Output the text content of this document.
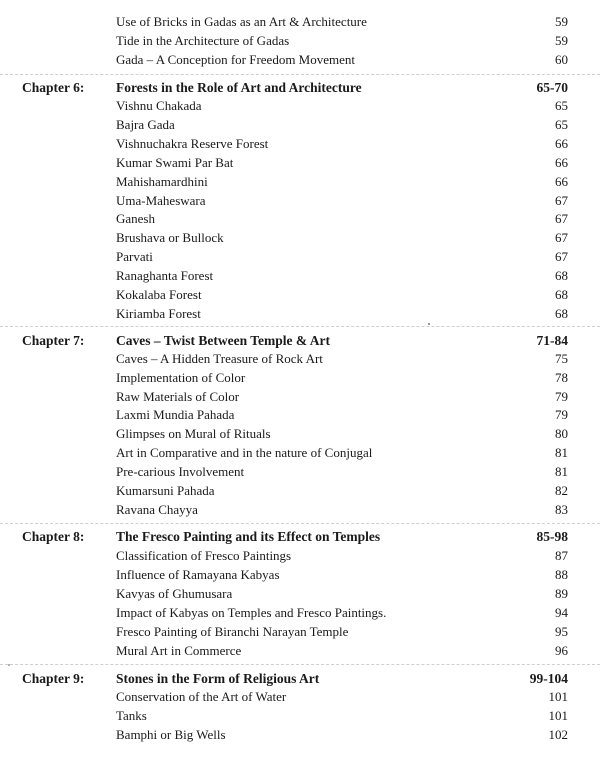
Use of Bricks in Gadas as an Art & Architecture	59
Tide in the Architecture of Gadas	59
Gada – A Conception for Freedom Movement	60
Chapter 6: Forests in the Role of Art and Architecture	65-70
Vishnu Chakada	65
Bajra Gada	65
Vishnuchakra Reserve Forest	66
Kumar Swami Par Bat	66
Mahishamardhini	66
Uma-Maheswara	67
Ganesh	67
Brushava or Bullock	67
Parvati	67
Ranaghanta Forest	68
Kokalaba Forest	68
Kiriamba Forest	68
Chapter 7: Caves – Twist Between Temple & Art	71-84
Caves – A Hidden Treasure of Rock Art	75
Implementation of Color	78
Raw Materials of Color	79
Laxmi Mundia Pahada	79
Glimpses on Mural of Rituals	80
Art in Comparative and in the nature of Conjugal	81
Pre-carious Involvement	81
Kumarsuni Pahada	82
Ravana Chayya	83
Chapter 8: The Fresco Painting and its Effect on Temples	85-98
Classification of Fresco Paintings	87
Influence of Ramayana Kabyas	88
Kavyas of Ghumusara	89
Impact of Kabyas on Temples and Fresco Paintings.	94
Fresco Painting of Biranchi Narayan Temple	95
Mural Art in Commerce	96
Chapter 9: Stones in the Form of Religious Art	99-104
Conservation of the Art of Water	101
Tanks	101
Bamphi or Big Wells	102
